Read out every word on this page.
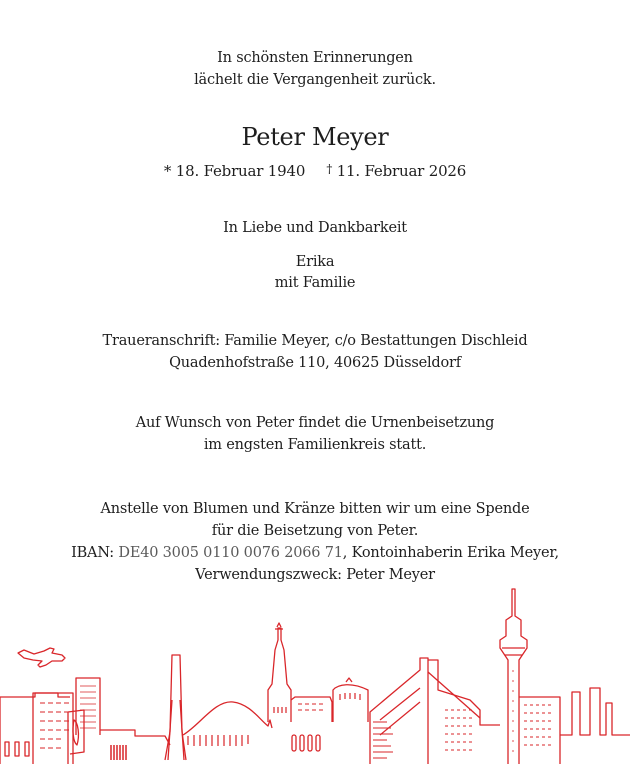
In schönsten Erinnerungen
lächelt die Vergangenheit zurück.
Peter Meyer
* 18. Februar 1940 † 11. Februar 2026
In Liebe und Dankbarkeit
Erika
mit Familie
Traueranschrift: Familie Meyer, c/o Bestattungen Dischleid
Quadenhofstraße 110, 40625 Düsseldorf
Auf Wunsch von Peter findet die Urnenbeisetzung
im engsten Familienkreis statt.
Anstelle von Blumen und Kränze bitten wir um eine Spende
für die Beisetzung von Peter.
IBAN: DE40 3005 0110 0076 2066 71, Kontoinhaberin Erika Meyer,
Verwendungszweck: Peter Meyer
